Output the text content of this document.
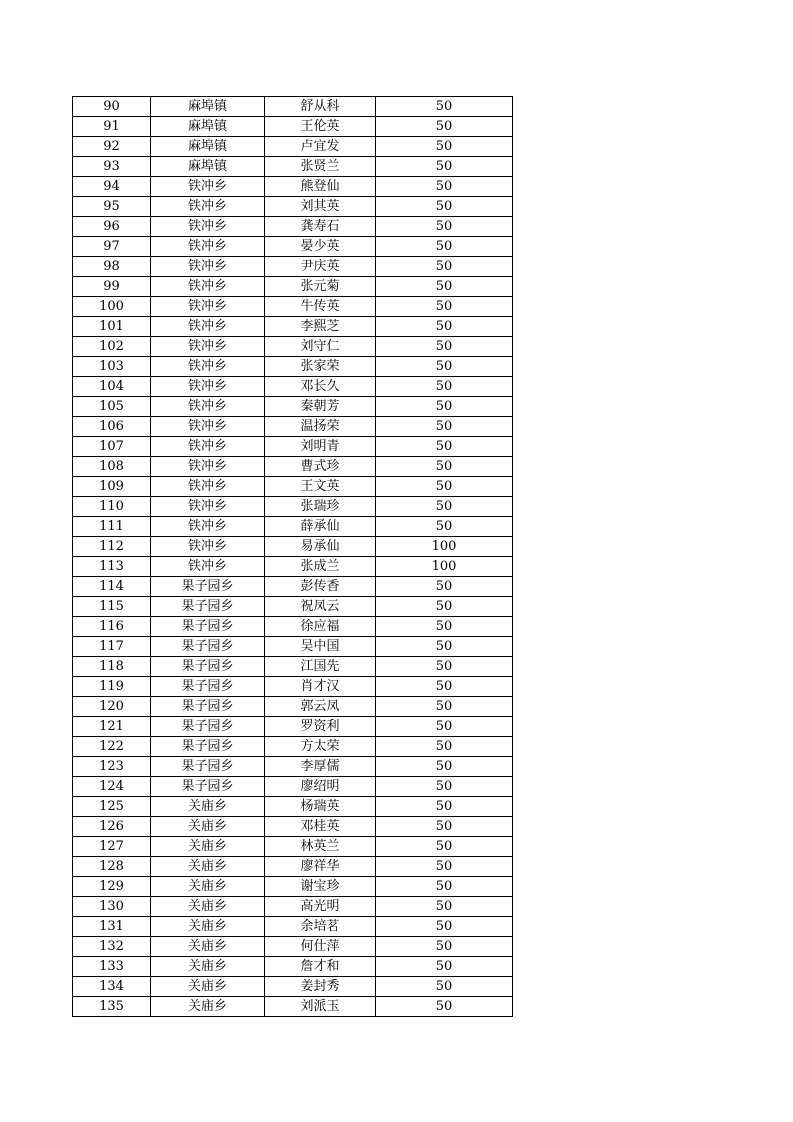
90	麻埠镇	舒从科	50
91	麻埠镇	王伦英	50
92	麻埠镇	卢宜发	50
93	麻埠镇	张贤兰	50
94	铁冲乡	熊登仙	50
95	铁冲乡	刘其英	50
96	铁冲乡	龚寿石	50
97	铁冲乡	晏少英	50
98	铁冲乡	尹庆英	50
99	铁冲乡	张元菊	50
100	铁冲乡	牛传英	50
101	铁冲乡	李熙芝	50
102	铁冲乡	刘守仁	50
103	铁冲乡	张家荣	50
104	铁冲乡	邓长久	50
105	铁冲乡	秦朝芳	50
106	铁冲乡	温扬荣	50
107	铁冲乡	刘明青	50
108	铁冲乡	曹式珍	50
109	铁冲乡	王文英	50
110	铁冲乡	张瑞珍	50
111	铁冲乡	薛承仙	50
112	铁冲乡	易承仙	100
113	铁冲乡	张成兰	100
114	果子园乡	彭传香	50
115	果子园乡	祝凤云	50
116	果子园乡	徐应福	50
117	果子园乡	吴中国	50
118	果子园乡	江国先	50
119	果子园乡	肖才汉	50
120	果子园乡	郭云凤	50
121	果子园乡	罗资利	50
122	果子园乡	方太荣	50
123	果子园乡	李厚儒	50
124	果子园乡	廖绍明	50
125	关庙乡	杨瑞英	50
126	关庙乡	邓桂英	50
127	关庙乡	林英兰	50
128	关庙乡	廖祥华	50
129	关庙乡	谢宝珍	50
130	关庙乡	高光明	50
131	关庙乡	余培茗	50
132	关庙乡	何仕萍	50
133	关庙乡	詹才和	50
134	关庙乡	姜封秀	50
135	关庙乡	刘派玉	50
